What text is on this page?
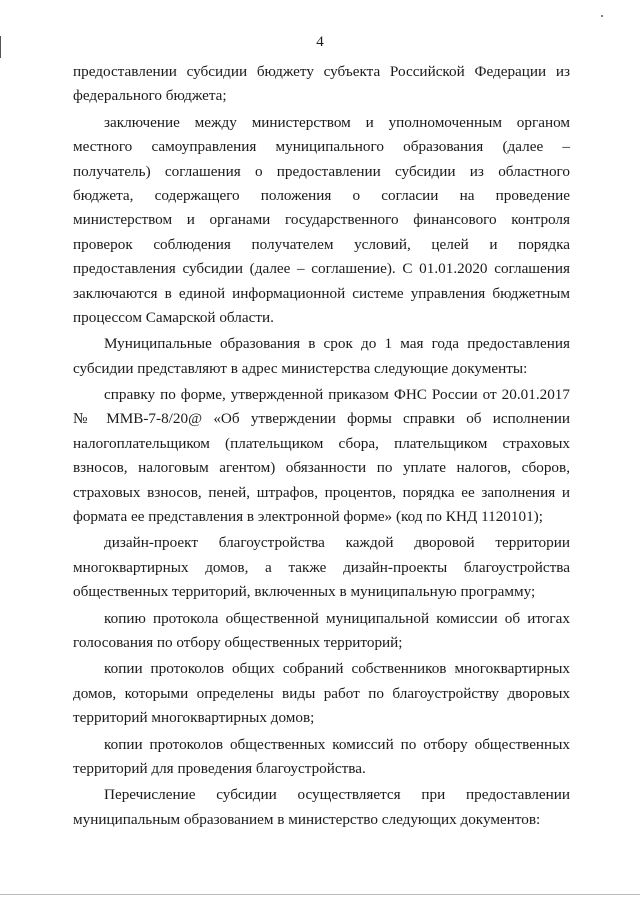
4
предоставлении субсидии бюджету субъекта Российской Федерации из
федерального бюджета;
заключение между министерством и уполномоченным органом
местного самоуправления муниципального образования (далее –
получатель) соглашения о предоставлении субсидии из областного
бюджета, содержащего положения о согласии на проведение
министерством и органами государственного финансового контроля
проверок соблюдения получателем условий, целей и порядка
предоставления субсидии (далее – соглашение). С 01.01.2020 соглашения
заключаются в единой информационной системе управления бюджетным
процессом Самарской области.
Муниципальные образования в срок до 1 мая года предоставления
субсидии представляют в адрес министерства следующие документы:
справку по форме, утвержденной приказом ФНС России от 20.01.2017
№ ММВ-7-8/20@ «Об утверждении формы справки об исполнении
налогоплательщиком (плательщиком сбора, плательщиком страховых
взносов, налоговым агентом) обязанности по уплате налогов, сборов,
страховых взносов, пеней, штрафов, процентов, порядка ее заполнения и
формата ее представления в электронной форме» (код по КНД 1120101);
дизайн-проект благоустройства каждой дворовой территории
многоквартирных домов, а также дизайн-проекты благоустройства
общественных территорий, включенных в муниципальную программу;
копию протокола общественной муниципальной комиссии об итогах
голосования по отбору общественных территорий;
копии протоколов общих собраний собственников многоквартирных
домов, которыми определены виды работ по благоустройству дворовых
территорий многоквартирных домов;
копии протоколов общественных комиссий по отбору общественных
территорий для проведения благоустройства.
Перечисление субсидии осуществляется при предоставлении
муниципальным образованием в министерство следующих документов:
